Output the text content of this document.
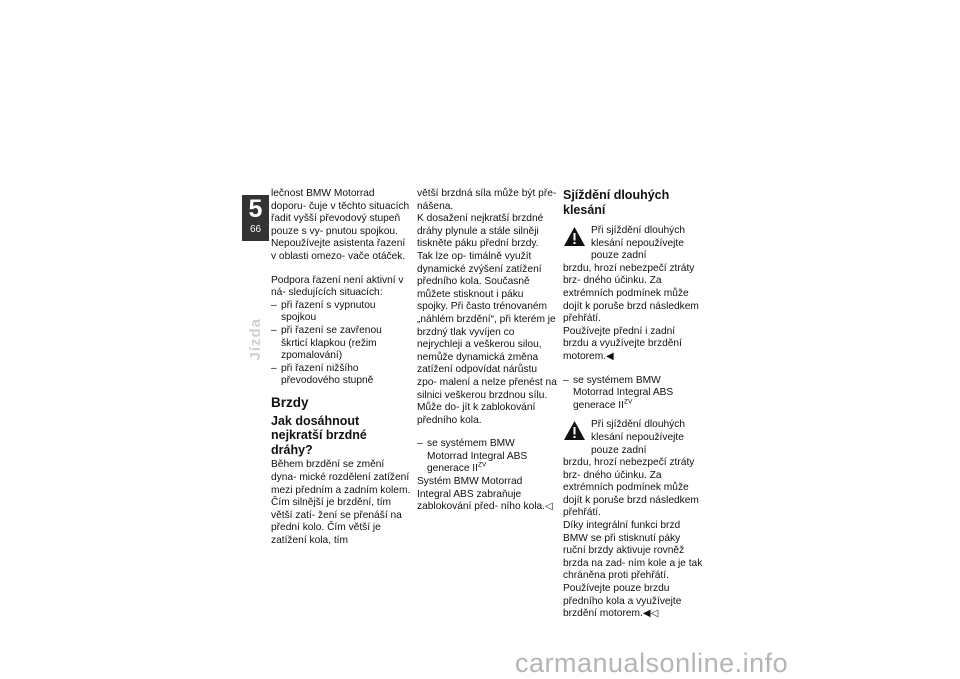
5
66
Jízda

lečnost BMW Motorrad doporu- čuje v těchto situacích řadit vyšší převodový stupeň pouze s vy- pnutou spojkou. Nepoužívejte asistenta řazení v oblasti omezo- vače otáček.

Podpora řazení není aktivní v ná- sledujících situacích:

– při řazení s vypnutou spojkou

– při řazení se zavřenou škrticí klapkou (režim zpomalování)

– při řazení nižšího převodového stupně

Brzdy

Jak dosáhnout nejkratší brzdné dráhy?

Během brzdění se změní dyna- mické rozdělení zatížení mezi předním a zadním kolem. Čím silnější je brzdění, tím větší zatí- žení se přenáší na přední kolo. Čím větší je zatížení kola, tím

větší brzdná síla může být pře- nášena.

K dosažení nejkratší brzdné dráhy plynule a stále silněji tiskněte páku přední brzdy. Tak lze op- timálně využít dynamické zvýšení zatížení předního kola. Současně můžete stisknout i páku spojky. Při často trénovaném „náhlém brzdění“, při kterém je brzdný tlak vyvíjen co nejrychleji a veškerou silou, nemůže dynamická změna zatížení odpovídat nárůstu zpo- malení a nelze přenést na silnici veškerou brzdnou sílu. Může do- jít k zablokování předního kola.

– se systémem BMW Motorrad Integral ABS generace $II^{ZV}$

Systém BMW Motorrad Integral ABS zabraňuje zablokování před- ního kola.◁

Sjíždění dlouhých klesání

Při sjíždění dlouhých klesání nepoužívejte pouze zadní

brzdu, hrozí nebezpečí ztráty brz- dného účinku. Za extrémních podmínek může dojít k poruše brzd následkem přehřátí.

Používejte přední i zadní brzdu a využívejte brzdění motorem.◀

– se systémem BMW Motorrad Integral ABS generace $II^{ZV}$

Při sjíždění dlouhých klesání nepoužívejte pouze zadní

brzdu, hrozí nebezpečí ztráty brz- dného účinku. Za extrémních podmínek může dojít k poruše brzd následkem přehřátí.

Díky integrální funkci brzd BMW se při stisknutí páky ruční brzdy aktivuje rovněž brzda na zad- ním kole a je tak chráněna proti přehřátí. Používejte pouze brzdu předního kola a využívejte brzdění motorem.◀◁

carmanualsonline.info
